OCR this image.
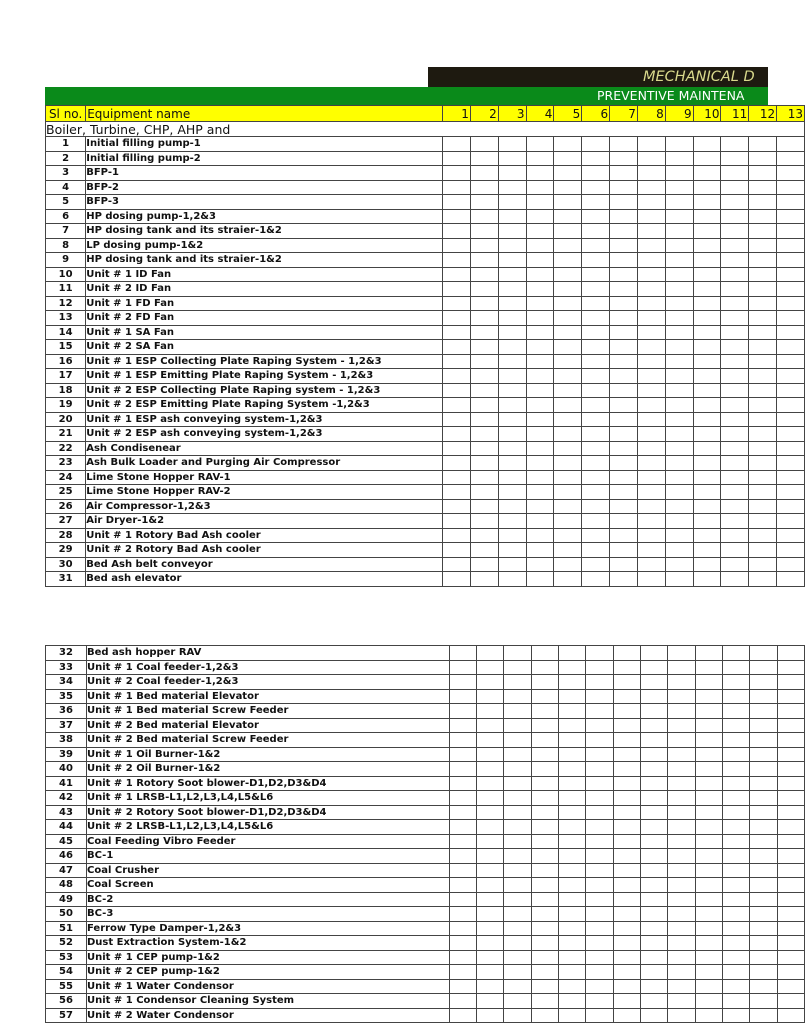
MECHANICAL D
PREVENTIVE MAINTENA
Sl no.	Equipment name	1	2	3	4	5	6	7	8	9	10	11	12	13
Boiler, Turbine, CHP, AHP and														
1	Initial filling pump-1													
2	Initial filling pump-2													
3	BFP-1													
4	BFP-2													
5	BFP-3													
6	HP dosing pump-1,2&3													
7	HP dosing tank and its straier-1&2													
8	LP dosing pump-1&2													
9	HP dosing tank and its straier-1&2													
10	Unit # 1 ID Fan													
11	Unit # 2 ID Fan													
12	Unit # 1 FD Fan													
13	Unit # 2 FD Fan													
14	Unit # 1 SA Fan													
15	Unit # 2 SA Fan													
16	Unit # 1 ESP Collecting Plate Raping System - 1,2&3													
17	Unit # 1 ESP Emitting Plate Raping System - 1,2&3													
18	Unit # 2 ESP Collecting Plate Raping system - 1,2&3													
19	Unit # 2 ESP Emitting Plate Raping System -1,2&3													
20	Unit # 1 ESP ash conveying system-1,2&3													
21	Unit # 2 ESP ash conveying system-1,2&3													
22	Ash Condisenear													
23	Ash Bulk Loader and Purging Air Compressor													
24	Lime Stone Hopper RAV-1													
25	Lime Stone Hopper RAV-2													
26	Air Compressor-1,2&3													
27	Air Dryer-1&2													
28	Unit # 1 Rotory Bad Ash cooler													
29	Unit # 2 Rotory Bad Ash cooler													
30	Bed Ash belt conveyor													
31	Bed ash elevator													
32	Bed ash hopper RAV													
33	Unit # 1 Coal feeder-1,2&3													
34	Unit # 2 Coal feeder-1,2&3													
35	Unit # 1 Bed material Elevator													
36	Unit # 1 Bed material Screw Feeder													
37	Unit # 2 Bed material Elevator													
38	Unit # 2 Bed material Screw Feeder													
39	Unit # 1 Oil Burner-1&2													
40	Unit # 2 Oil Burner-1&2													
41	Unit # 1 Rotory Soot blower-D1,D2,D3&D4													
42	Unit # 1 LRSB-L1,L2,L3,L4,L5&L6													
43	Unit # 2 Rotory Soot blower-D1,D2,D3&D4													
44	Unit # 2 LRSB-L1,L2,L3,L4,L5&L6													
45	Coal Feeding Vibro Feeder													
46	BC-1													
47	Coal Crusher													
48	Coal Screen													
49	BC-2													
50	BC-3													
51	Ferrow Type Damper-1,2&3													
52	Dust Extraction System-1&2													
53	Unit # 1 CEP pump-1&2													
54	Unit # 2 CEP pump-1&2													
55	Unit # 1 Water Condensor													
56	Unit # 1 Condensor Cleaning System													
57	Unit # 2 Water Condensor													
